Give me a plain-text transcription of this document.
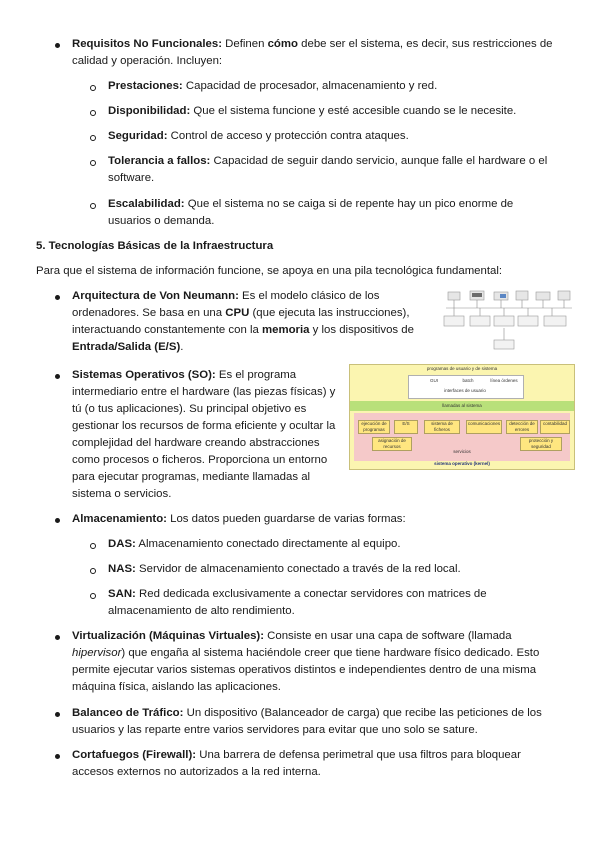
Requisitos No Funcionales: Definen cómo debe ser el sistema, es decir, sus restricciones de calidad y operación. Incluyen:

Prestaciones: Capacidad de procesador, almacenamiento y red.

Disponibilidad: Que el sistema funcione y esté accesible cuando se le necesite.

Seguridad: Control de acceso y protección contra ataques.

Tolerancia a fallos: Capacidad de seguir dando servicio, aunque falle el hardware o el software.

Escalabilidad: Que el sistema no se caiga si de repente hay un pico enorme de usuarios o demanda.

5. Tecnologías Básicas de la Infraestructura

Para que el sistema de información funcione, se apoya en una pila tecnológica fundamental:

Arquitectura de Von Neumann: Es el modelo clásico de los ordenadores. Se basa en una CPU (que ejecuta las instrucciones), interactuando constantemente con la memoria y los dispositivos de Entrada/Salida (E/S).

Sistemas Operativos (SO): Es el programa intermediario entre el hardware (las piezas físicas) y tú (o tus aplicaciones). Su principal objetivo es gestionar los recursos de forma eficiente y ocultar la complejidad del hardware creando abstracciones como procesos o ficheros. Proporciona un entorno para ejecutar programas, mediante llamadas al sistema o servicios.

programas de usuario y de sistema
GUI	batch	línea órdenes
interfaces de usuario
llamadas al sistema
ejecución de programas
E/S	sistema de ficheros
comunicaciones	detección de errores
contabilidad
asignación de recursos
protección y seguridad
servicios
sistema operativo (kernel)

Almacenamiento: Los datos pueden guardarse de varias formas:

DAS: Almacenamiento conectado directamente al equipo.

NAS: Servidor de almacenamiento conectado a través de la red local.

SAN: Red dedicada exclusivamente a conectar servidores con matrices de almacenamiento de alto rendimiento.

Virtualización (Máquinas Virtuales): Consiste en usar una capa de software (llamada hipervisor) que engaña al sistema haciéndole creer que tiene hardware físico dedicado. Esto permite ejecutar varios sistemas operativos distintos e independientes dentro de una misma máquina física, aislando las aplicaciones.

Balanceo de Tráfico: Un dispositivo (Balanceador de carga) que recibe las peticiones de los usuarios y las reparte entre varios servidores para evitar que uno solo se sature.

Cortafuegos (Firewall): Una barrera de defensa perimetral que usa filtros para bloquear accesos externos no autorizados a la red interna.
